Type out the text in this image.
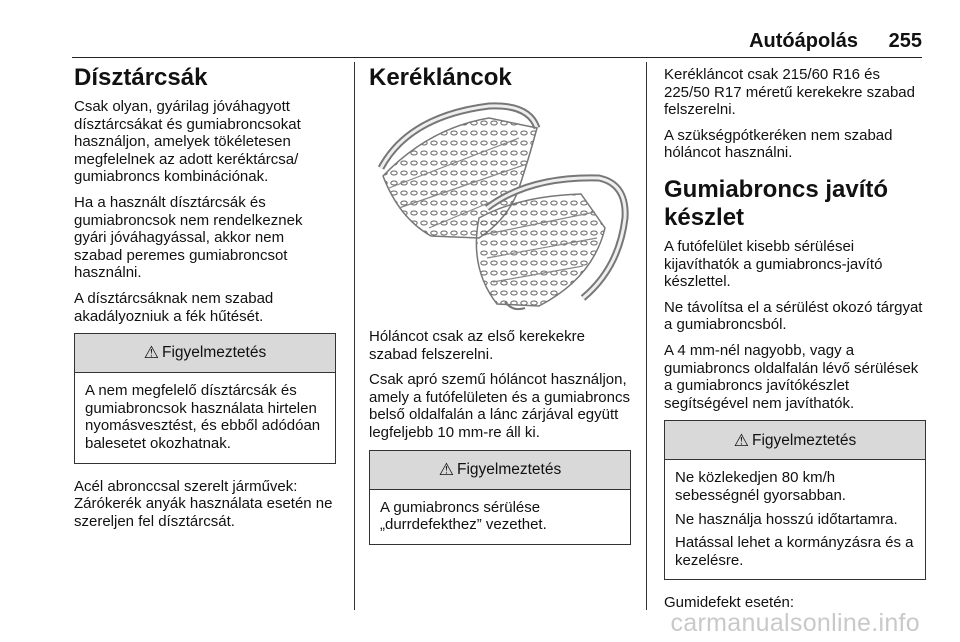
Autóápolás 255
Dísztárcsák

Csak olyan, gyárilag jóváhagyott dísztárcsákat és gumiabroncsokat használjon, amelyek tökéletesen megfelelnek az adott keréktárcsa/ gumiabroncs kombinációnak.

Ha a használt dísztárcsák és gumiabroncsok nem rendelkeznek gyári jóváhagyással, akkor nem szabad peremes gumiabroncsot használni.

A dísztárcsáknak nem szabad akadályozniuk a fék hűtését.

⚠ Figyelmeztetés

A nem megfelelő dísztárcsák és gumiabroncsok használata hirtelen nyomásvesztést, és ebből adódóan balesetet okozhatnak.

Acél abronccsal szerelt járművek: Zárókerék anyák használata esetén ne szereljen fel dísztárcsát.

Kerékláncok

Hóláncot csak az első kerekekre szabad felszerelni.

Csak apró szemű hóláncot használjon, amely a futófelületen és a gumiabroncs belső oldalfalán a lánc zárjával együtt legfeljebb 10 mm-re áll ki.

⚠ Figyelmeztetés

A gumiabroncs sérülése „durrdefekthez” vezethet.

Kerékláncot csak 215/60 R16 és 225/50 R17 méretű kerekekre szabad felszerelni.

A szükségpótkeréken nem szabad hóláncot használni.

Gumiabroncs javító készlet

A futófelület kisebb sérülései kijavíthatók a gumiabroncs-javító készlettel.

Ne távolítsa el a sérülést okozó tárgyat a gumiabroncsból.

A 4 mm-nél nagyobb, vagy a gumiabroncs oldalfalán lévő sérülések a gumiabroncs javítókészlet segítségével nem javíthatók.

⚠ Figyelmeztetés

Ne közlekedjen 80 km/h sebességnél gyorsabban.

Ne használja hosszú időtartamra.

Hatással lehet a kormányzásra és a kezelésre.

Gumidefekt esetén:

carmanualsonline.info
